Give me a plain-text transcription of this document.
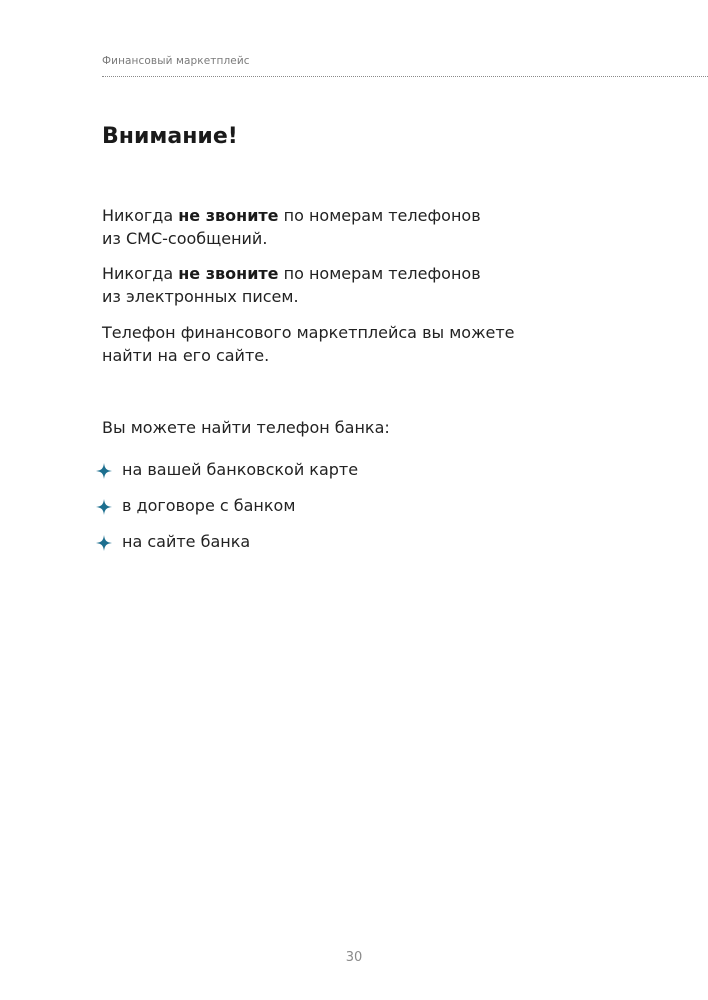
Финансовый маркетплейс
Внимание!

Никогда не звоните по номерам телефонов
из СМС-сообщений.

Никогда не звоните по номерам телефонов
из электронных писем.

Телефон финансового маркетплейса вы можете
найти на его сайте.

Вы можете найти телефон банка:

на вашей банковской карте
в договоре с банком
на сайте банка
30
